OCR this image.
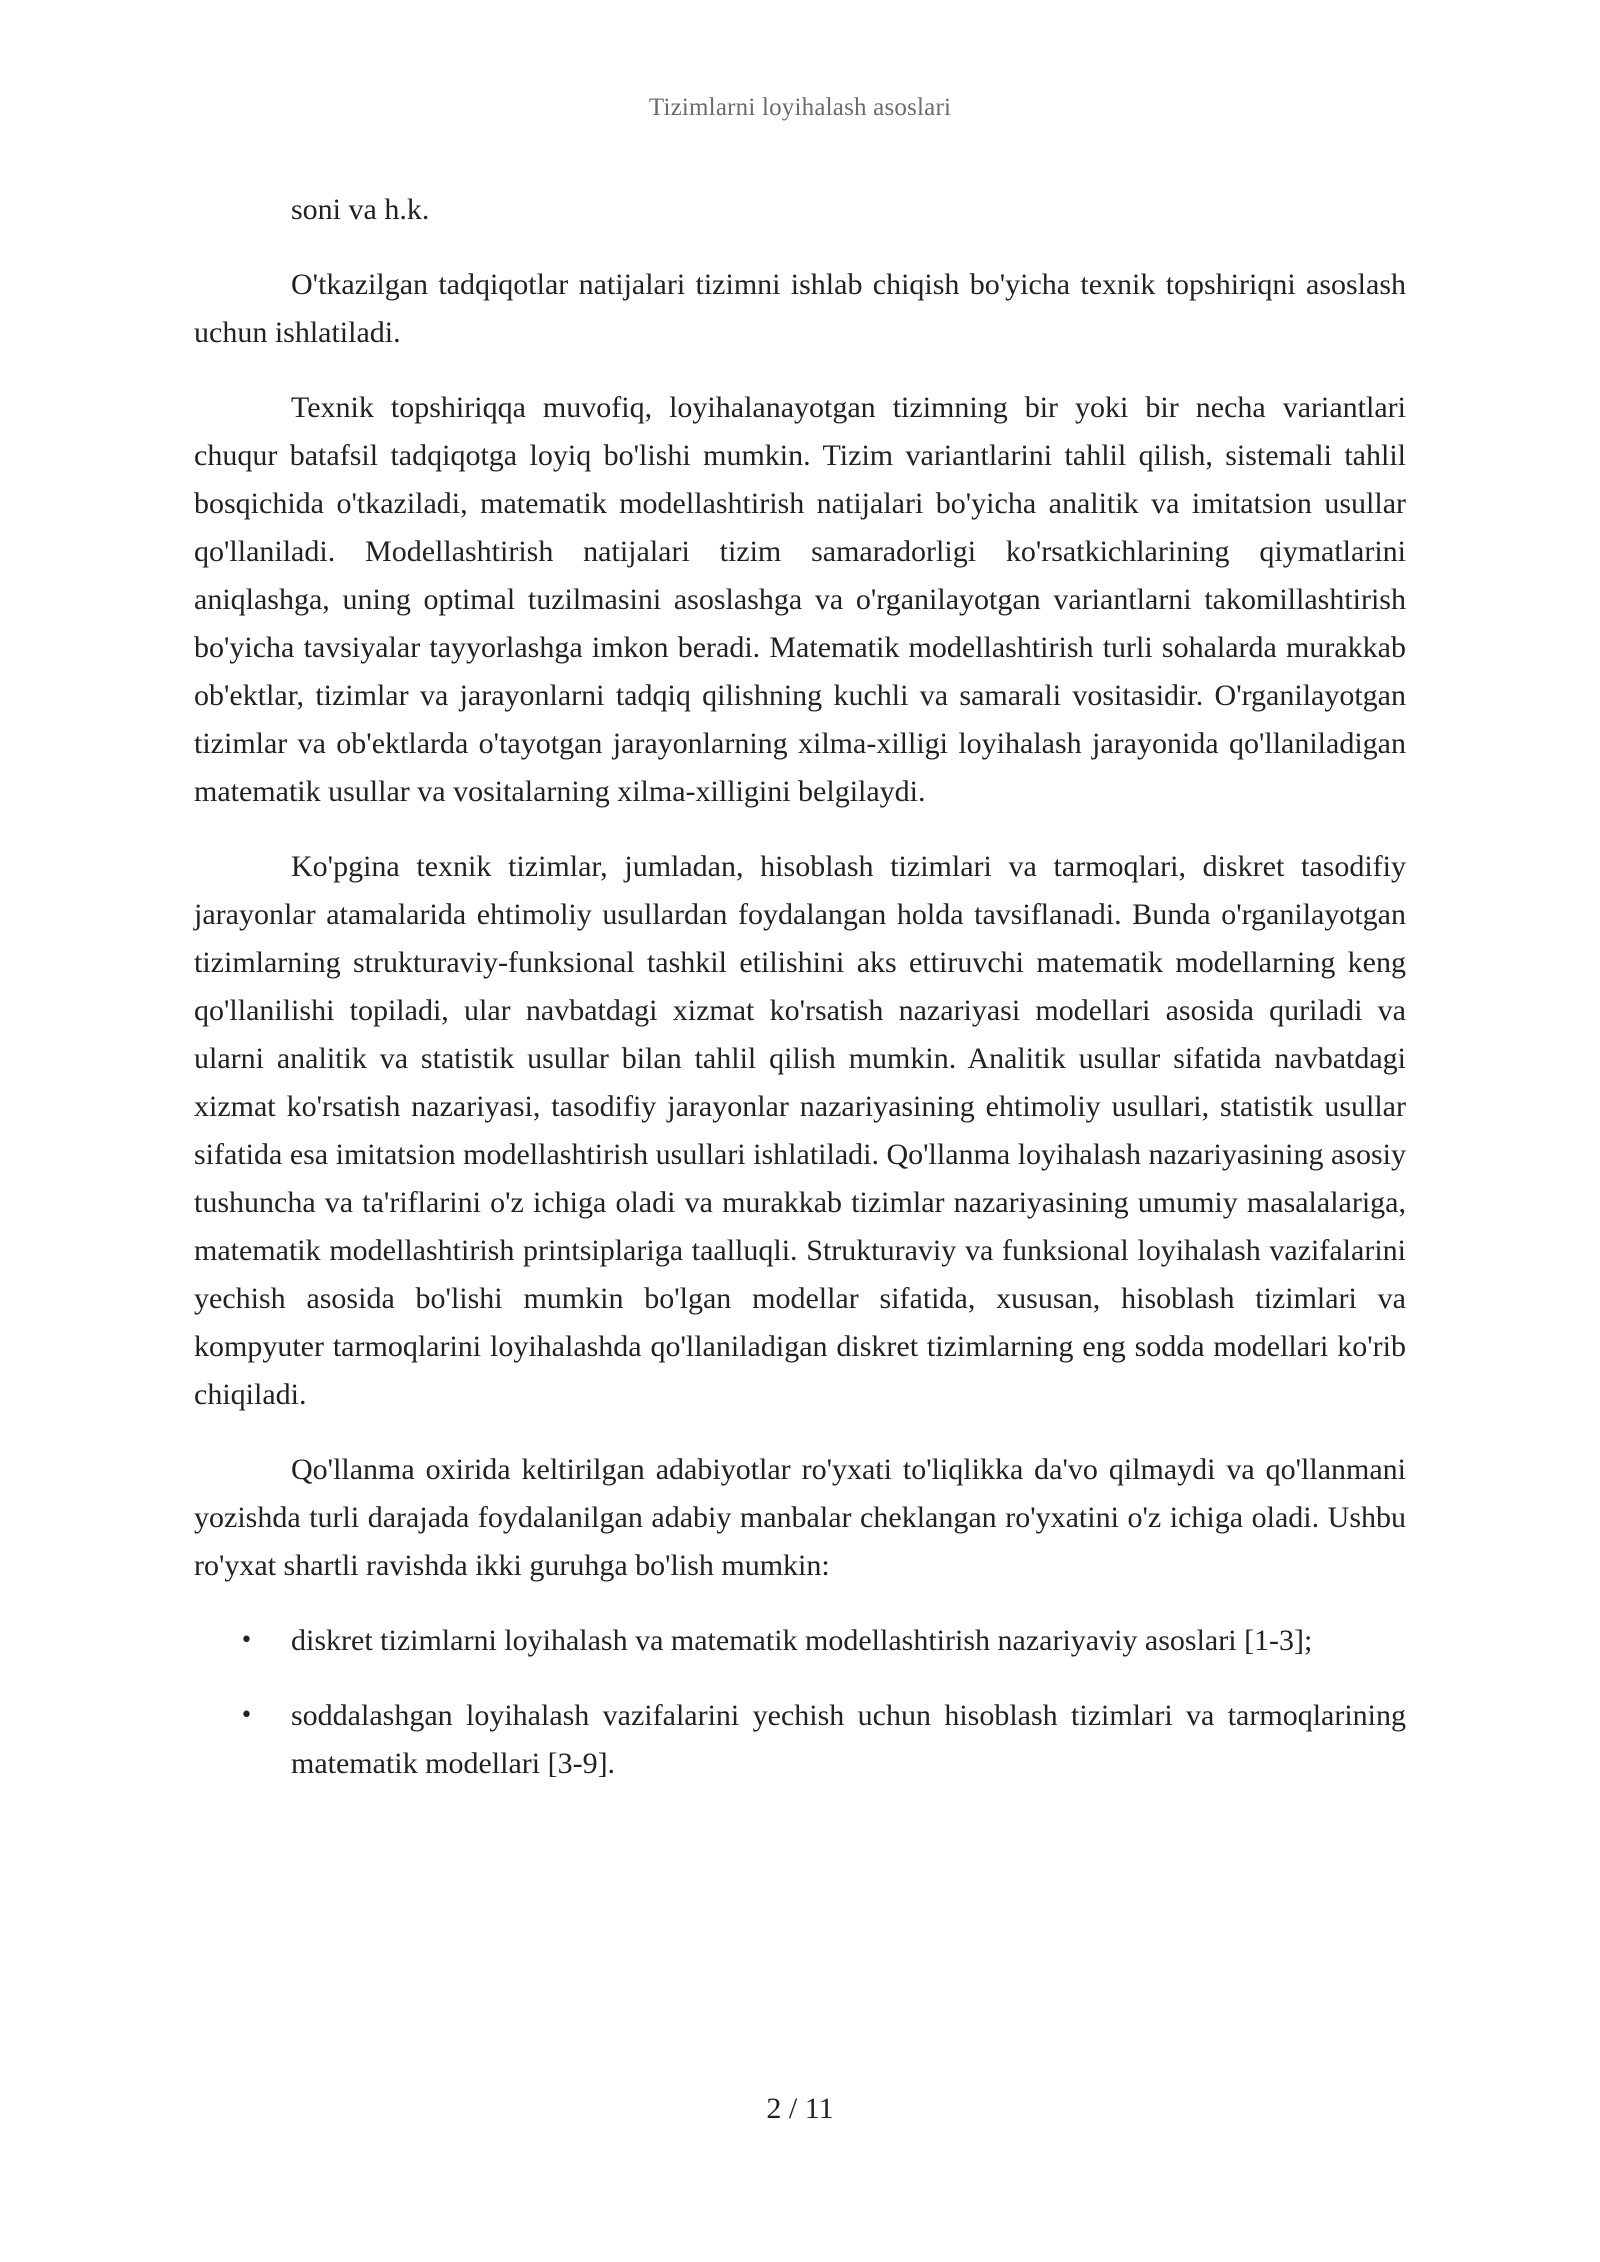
Tizimlarni loyihalash asoslari

soni va h.k.

O'tkazilgan tadqiqotlar natijalari tizimni ishlab chiqish bo'yicha texnik topshiriqni asoslash uchun ishlatiladi.

Texnik topshiriqqa muvofiq, loyihalanayotgan tizimning bir yoki bir necha variantlari chuqur batafsil tadqiqotga loyiq bo'lishi mumkin. Tizim variantlarini tahlil qilish, sistemali tahlil bosqichida o'tkaziladi, matematik modellashtirish natijalari bo'yicha analitik va imitatsion usullar qo'llaniladi. Modellashtirish natijalari tizim samaradorligi ko'rsatkichlarining qiymatlarini aniqlashga, uning optimal tuzilmasini asoslashga va o'rganilayotgan variantlarni takomillashtirish bo'yicha tavsiyalar tayyorlashga imkon beradi. Matematik modellashtirish turli sohalarda murakkab ob'ektlar, tizimlar va jarayonlarni tadqiq qilishning kuchli va samarali vositasidir. O'rganilayotgan tizimlar va ob'ektlarda o'tayotgan jarayonlarning xilma-xilligi loyihalash jarayonida qo'llaniladigan matematik usullar va vositalarning xilma-xilligini belgilaydi.

Ko'pgina texnik tizimlar, jumladan, hisoblash tizimlari va tarmoqlari, diskret tasodifiy jarayonlar atamalarida ehtimoliy usullardan foydalangan holda tavsiflanadi. Bunda o'rganilayotgan tizimlarning strukturaviy-funksional tashkil etilishini aks ettiruvchi matematik modellarning keng qo'llanilishi topiladi, ular navbatdagi xizmat ko'rsatish nazariyasi modellari asosida quriladi va ularni analitik va statistik usullar bilan tahlil qilish mumkin. Analitik usullar sifatida navbatdagi xizmat ko'rsatish nazariyasi, tasodifiy jarayonlar nazariyasining ehtimoliy usullari, statistik usullar sifatida esa imitatsion modellashtirish usullari ishlatiladi. Qo'llanma loyihalash nazariyasining asosiy tushuncha va ta'riflarini o'z ichiga oladi va murakkab tizimlar nazariyasining umumiy masalalariga, matematik modellashtirish printsiplariga taalluqli. Strukturaviy va funksional loyihalash vazifalarini yechish asosida bo'lishi mumkin bo'lgan modellar sifatida, xususan, hisoblash tizimlari va kompyuter tarmoqlarini loyihalashda qo'llaniladigan diskret tizimlarning eng sodda modellari ko'rib chiqiladi.

Qo'llanma oxirida keltirilgan adabiyotlar ro'yxati to'liqlikka da'vo qilmaydi va qo'llanmani yozishda turli darajada foydalanilgan adabiy manbalar cheklangan ro'yxatini o'z ichiga oladi. Ushbu ro'yxat shartli ravishda ikki guruhga bo'lish mumkin:

• diskret tizimlarni loyihalash va matematik modellashtirish nazariyaviy asoslari [1-3];
• soddalashgan loyihalash vazifalarini yechish uchun hisoblash tizimlari va tarmoqlarining matematik modellari [3-9].
2 / 11
